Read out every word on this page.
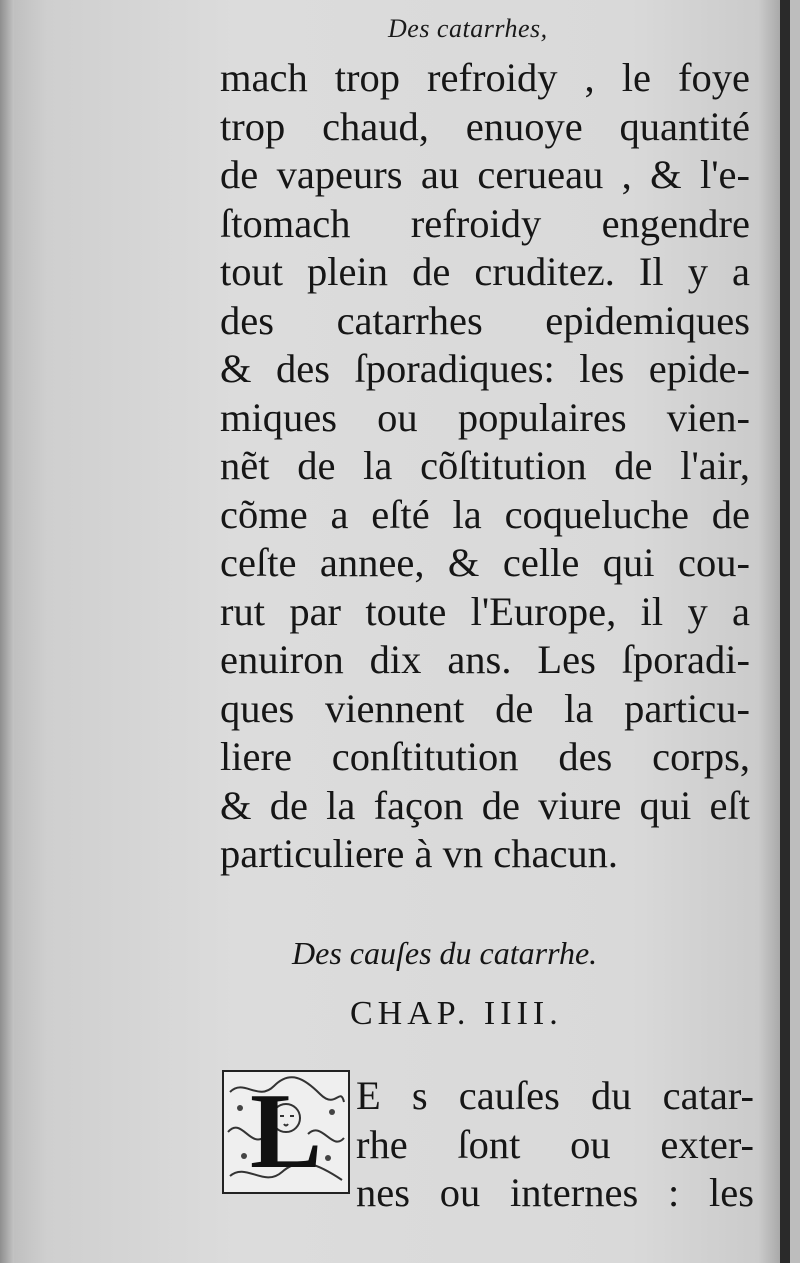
Des catarrhes,
mach trop refroidy , le foye
trop chaud, enuoye quantité
de vapeurs au cerueau , & l'e-
ſtomach refroidy engendre
tout plein de cruditez. Il y a
des catarrhes epidemiques
& des ſporadiques: les epide-
miques ou populaires vien-
nẽt de la cõſtitution de l'air,
cõme a eſté la coqueluche de
ceſte annee, & celle qui cou-
rut par toute l'Europe, il y a
enuiron dix ans. Les ſporadi-
ques viennent de la particu-
liere conſtitution des corps,
& de la façon de viure qui eſt
particuliere à vn chacun.
Des cauſes du catarrhe.
CHAP. IIII.
L E s cauſes du catar-
rhe ſont ou exter-
nes ou internes : les
